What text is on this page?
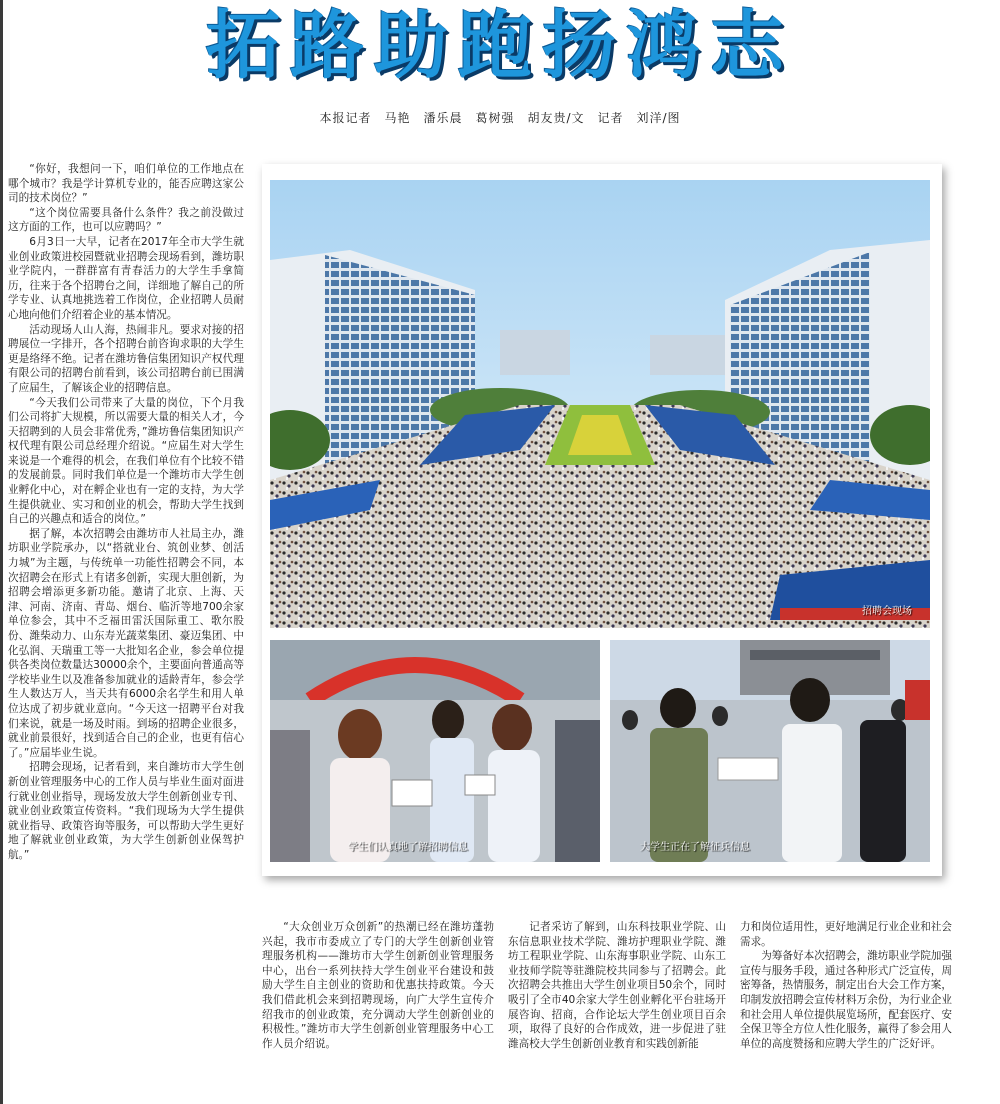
拓路助跑扬鸿志
本报记者　马艳　潘乐晨　葛树强　胡友贵/文　记者　刘洋/图

“你好，我想问一下，咱们单位的工作地点在哪个城市？我是学计算机专业的，能否应聘这家公司的技术岗位？”

“这个岗位需要具备什么条件？我之前没做过这方面的工作，也可以应聘吗？”

6月3日一大早，记者在2017年全市大学生就业创业政策进校园暨就业招聘会现场看到，潍坊职业学院内，一群群富有青春活力的大学生手拿简历，往来于各个招聘台之间，详细地了解自己的所学专业、认真地挑选着工作岗位，企业招聘人员耐心地向他们介绍着企业的基本情况。

活动现场人山人海，热闹非凡。要求对接的招聘展位一字排开，各个招聘台前咨询求职的大学生更是络绎不绝。记者在潍坊鲁信集团知识产权代理有限公司的招聘台前看到，该公司招聘台前已围满了应届生，了解该企业的招聘信息。

“今天我们公司带来了大量的岗位，下个月我们公司将扩大规模，所以需要大量的相关人才，今天招聘到的人员会非常优秀，”潍坊鲁信集团知识产权代理有限公司总经理介绍说。“应届生对大学生来说是一个难得的机会，在我们单位有个比较不错的发展前景。同时我们单位是一个潍坊市大学生创业孵化中心，对在孵企业也有一定的支持，为大学生提供就业、实习和创业的机会，帮助大学生找到自己的兴趣点和适合的岗位。”

据了解，本次招聘会由潍坊市人社局主办，潍坊职业学院承办，以“搭就业台、筑创业梦、创活力城”为主题，与传统单一功能性招聘会不同，本次招聘会在形式上有诸多创新，实现大胆创新，为招聘会增添更多新功能。邀请了北京、上海、天津、河南、济南、青岛、烟台、临沂等地700余家单位参会，其中不乏福田雷沃国际重工、歌尔股份、潍柴动力、山东寿光蔬菜集团、豪迈集团、中化弘润、天瑞重工等一大批知名企业，参会单位提供各类岗位数量达30000余个，主要面向普通高等学校毕业生以及准备参加就业的适龄青年，参会学生人数达万人，当天共有6000余名学生和用人单位达成了初步就业意向。“今天这一招聘平台对我们来说，就是一场及时雨。到场的招聘企业很多，就业前景很好，找到适合自己的企业，也更有信心了。”应届毕业生说。

招聘会现场，记者看到，来自潍坊市大学生创新创业管理服务中心的工作人员与毕业生面对面进行就业创业指导，现场发放大学生创新创业专刊、就业创业政策宣传资料。“我们现场为大学生提供就业指导、政策咨询等服务，可以帮助大学生更好地了解就业创业政策，为大学生创新创业保驾护航。”

招聘会现场
学生们认真地了解招聘信息	大学生正在了解征兵信息

“大众创业万众创新”的热潮已经在潍坊蓬勃兴起，我市市委成立了专门的大学生创新创业管理服务机构——潍坊市大学生创新创业管理服务中心，出台一系列扶持大学生创业平台建设和鼓励大学生自主创业的资助和优惠扶持政策。今天我们借此机会来到招聘现场，向广大学生宣传介绍我市的创业政策，充分调动大学生创新创业的积极性。”潍坊市大学生创新创业管理服务中心工作人员介绍说。

记者采访了解到，山东科技职业学院、山东信息职业技术学院、潍坊护理职业学院、潍坊工程职业学院、山东海事职业学院、山东工业技师学院等驻潍院校共同参与了招聘会。此次招聘会共推出大学生创业项目50余个，同时吸引了全市40余家大学生创业孵化平台驻场开展咨询、招商，合作论坛大学生创业项目百余项，取得了良好的合作成效，进一步促进了驻潍高校大学生创新创业教育和实践创新能

力和岗位适用性，更好地满足行业企业和社会需求。

为筹备好本次招聘会，潍坊职业学院加强宣传与服务手段，通过各种形式广泛宣传，周密筹备，热情服务，制定出台大会工作方案，印制发放招聘会宣传材料万余份，为行业企业和社会用人单位提供展览场所，配套医疗、安全保卫等全方位人性化服务，赢得了参会用人单位的高度赞扬和应聘大学生的广泛好评。
